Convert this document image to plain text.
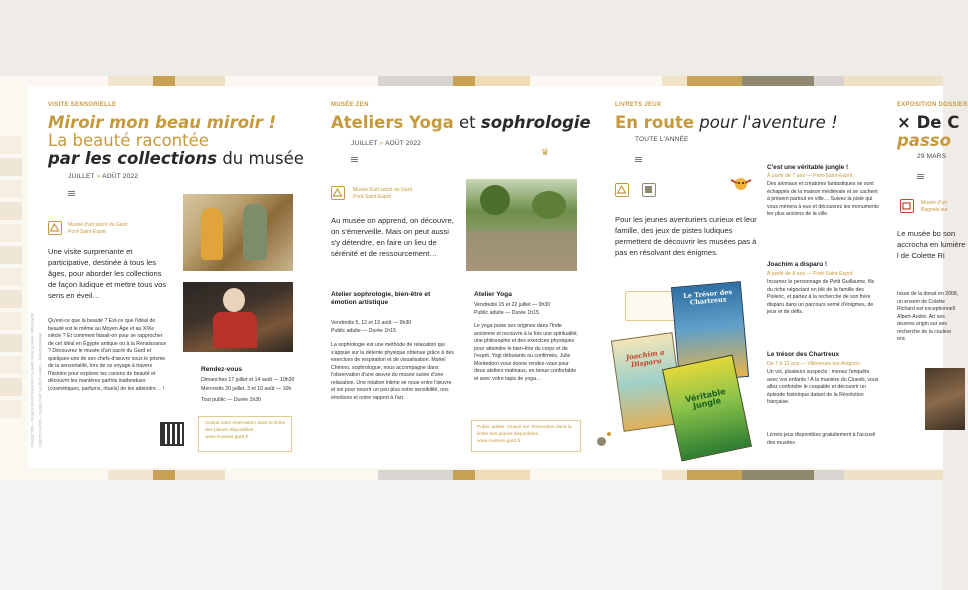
VISITE SENSORIELLE
Miroir mon beau miroir !
La beauté racontée
par les collections du musée
JUILLET » AOÛT 2022
Musée d'art sacré du Gard
Pont-Saint-Esprit
Une visite surprenante et participative, destinée à tous les âges, pour aborder les collections de façon ludique et mettre tous vos sens en éveil…
Qu'est-ce que la beauté ? Est-ce que l'idéal de beauté est le même au Moyen Âge et au XIXe siècle ? Et comment faisait-on pour se rapprocher de cet idéal en Égypte antique ou à la Renaissance ? Découvrez le musée d'art sacré du Gard et quelques-uns de ses chefs-d'œuvre sous le prisme de la sensorialité, lors de ce voyage à travers l'histoire pour explorer les canons de beauté et découvrir les manières parfois inattendues (cosmétiques, parfums, rituels) de les atteindre… !
Rendez-vous
Dimanches 17 juillet et 14 août — 10h30
Mercredis 20 juillet, 3 et 10 août — 10h
Tout public — Durée 1h30
Gratuit sans réservation dans la limite des places disponibles. www.musees.gard.fr
CONCEPTION — MUSÉES DÉPARTEMENTAUX DU GARD / MISE EN PAGE / IMPRESSION CRÉDITS PHOTOS — MUSÉE D'ART SACRÉ DU GARD — MAISON ROMANE
MUSÉE ZEN
Ateliers Yoga et sophrologie
JUILLET » AOÛT 2022
♛
Musée d'art sacré du Gard
Pont-Saint-Esprit
Au musée on apprend, on découvre, on s'émerveille. Mais on peut aussi s'y détendre, en faire un lieu de sérénité et de ressourcement…
Atelier sophrologie, bien-être et émotion artistique
Vendredis 5, 12 et 19 août — 9h30
Public adulte — Durée 1h15
La sophrologie est une méthode de relaxation qui s'appuie sur la détente physique obtenue grâce à des exercices de respiration et de visualisation. Muriel Chérino, sophrologue, nous accompagne dans l'observation d'une œuvre du musée suivie d'une relaxation. Une relation intime se noue entre l'œuvre et soi pour nourrir un peu plus notre sensibilité, nos émotions et notre rapport à l'art.
Atelier Yoga
Vendredis 15 et 22 juillet — 9h30
Public adulte — Durée 1h15
Le yoga puise ses origines dans l'Inde ancienne et recouvre à la fois une spiritualité, une philosophie et des exercices physiques pour atteindre le bien-être du corps et de l'esprit. Yogi débutants ou confirmés, Julie Montedoro vous donne rendez-vous pour deux ateliers matinaux, en tenue confortable et avec votre tapis de yoga…
Public adulte. Gratuit sur réservation dans la limite des places disponibles. www.musees.gard.fr
LIVRETS JEUX
En route pour l'aventure !
TOUTE L'ANNÉE
Pour les jeunes aventuriers curieux et leur famille, des jeux de pistes ludiques permettent de découvrir les musées pas à pas en résolvant des énigmes.
Le Trésor des Chartreux
Joachim a Disparu
Véritable Jungle
C'est une véritable jungle !
À partir de 7 ans — Pont-Saint-Esprit
Des animaux et créatures fantastiques se sont échappés de la maison médiévale et se cachent à présent partout en ville… Suivez la piste qui vous mènera à eux et découvrez les monuments les plus anciens de la ville.
Joachim a disparu !
À partir de 8 ans — Pont-Saint-Esprit
Incarnez le personnage de Petit Guillaume, fils du riche négociant en blé de la famille des Piolenc, et partez à la recherche de son frère disparu dans un parcours semé d'énigmes, de jeux et de défis.
Le trésor des Chartreux
De 7 à 12 ans — Villeneuve-lez-Avignon
Un vol, plusieurs suspects : menez l'enquête avec vos enfants ! À la manière du Cluedo, vous allez confondre le coupable et découvrir un épisode historique datant de la Révolution française.
Livrets-jeux disponibles gratuitement à l'accueil des musées
EXPOSITION DOSSIER
× De C
passo
29 MARS
Musée d'art
Bagnols-sur
Le musée bo son accrocha en lumière l de Colette Ri
Issue de la donat en 2008, un ensem de Colette Richard est exceptionnell Albert-André. Art ses œuvres origin sur ses recherche de la couleur enc
